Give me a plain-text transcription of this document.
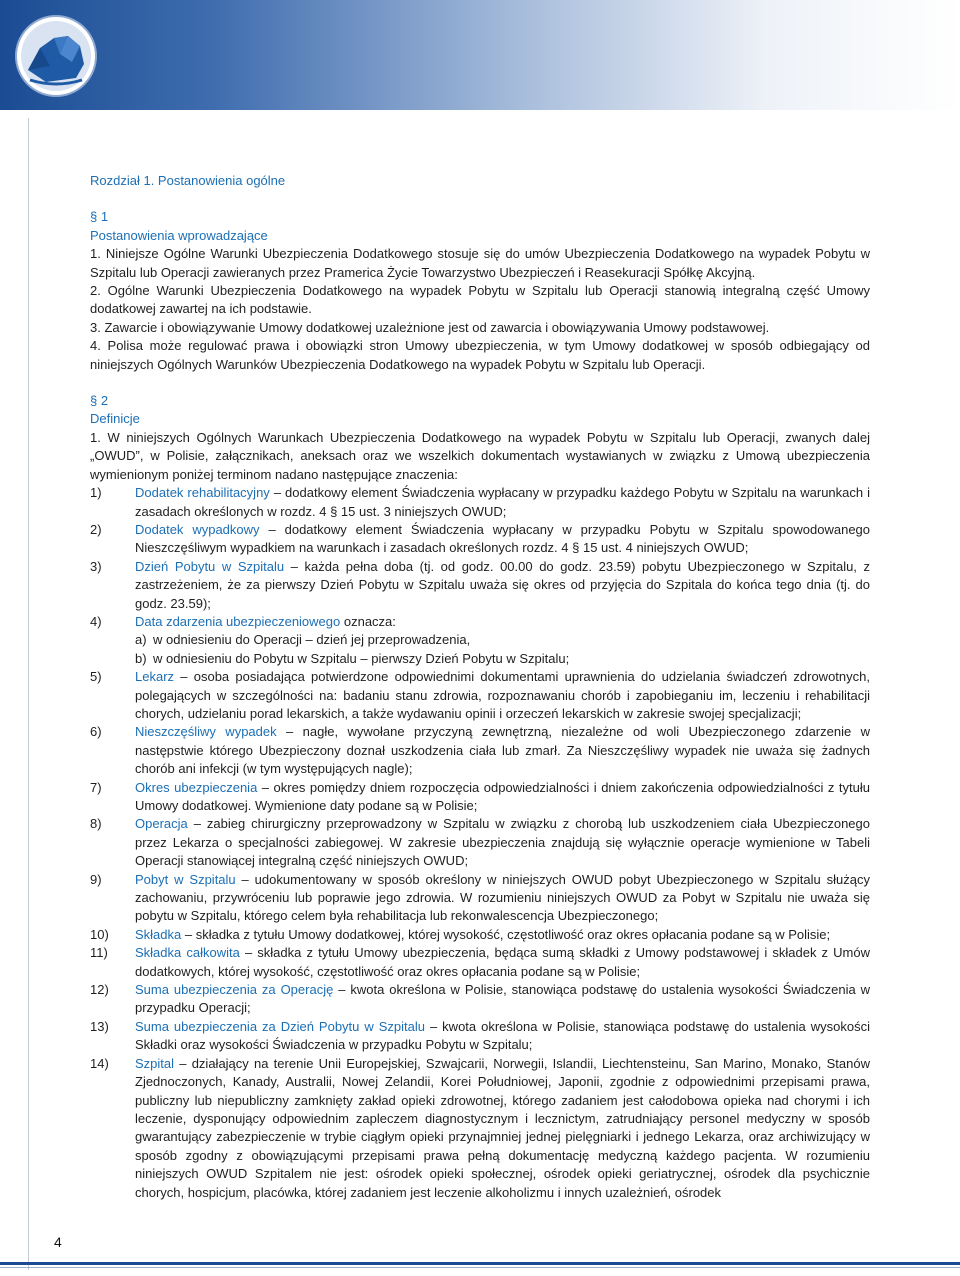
Rozdział 1. Postanowienia ogólne

§ 1

Postanowienia wprowadzające

1. Niniejsze Ogólne Warunki Ubezpieczenia Dodatkowego stosuje się do umów Ubezpieczenia Dodatkowego na wypadek Pobytu w Szpitalu lub Operacji zawieranych przez Pramerica Życie Towarzystwo Ubezpieczeń i Reasekuracji Spółkę Akcyjną.

2. Ogólne Warunki Ubezpieczenia Dodatkowego na wypadek Pobytu w Szpitalu lub Operacji stanowią integralną część Umowy dodatkowej zawartej na ich podstawie.

3. Zawarcie i obowiązywanie Umowy dodatkowej uzależnione jest od zawarcia i obowiązywania Umowy podstawowej.

4. Polisa może regulować prawa i obowiązki stron Umowy ubezpieczenia, w tym Umowy dodatkowej w sposób odbiegający od niniejszych Ogólnych Warunków Ubezpieczenia Dodatkowego na wypadek Pobytu w Szpitalu lub Operacji.

§ 2

Definicje

1. W niniejszych Ogólnych Warunkach Ubezpieczenia Dodatkowego na wypadek Pobytu w Szpitalu lub Operacji, zwanych dalej „OWUD”, w Polisie, załącznikach, aneksach oraz we wszelkich dokumentach wystawianych w związku z Umową ubezpieczenia wymienionym poniżej terminom nadano następujące znaczenia:

1)	Dodatek rehabilitacyjny – dodatkowy element Świadczenia wypłacany w przypadku każdego Pobytu w Szpitalu na warunkach i zasadach określonych w rozdz. 4 § 15 ust. 3 niniejszych OWUD;
2)	Dodatek wypadkowy – dodatkowy element Świadczenia wypłacany w przypadku Pobytu w Szpitalu spowodowanego Nieszczęśliwym wypadkiem na warunkach i zasadach określonych rozdz. 4 § 15 ust. 4 niniejszych OWUD;
3)	Dzień Pobytu w Szpitalu – każda pełna doba (tj. od godz. 00.00 do godz. 23.59) pobytu Ubezpieczonego w Szpitalu, z zastrzeżeniem, że za pierwszy Dzień Pobytu w Szpitalu uważa się okres od przyjęcia do Szpitala do końca tego dnia (tj. do godz. 23.59);
4)	Data zdarzenia ubezpieczeniowego oznacza:
a) w odniesieniu do Operacji – dzień jej przeprowadzenia,
b) w odniesieniu do Pobytu w Szpitalu – pierwszy Dzień Pobytu w Szpitalu;
5)	Lekarz – osoba posiadająca potwierdzone odpowiednimi dokumentami uprawnienia do udzielania świadczeń zdrowotnych, polegających w szczególności na: badaniu stanu zdrowia, rozpoznawaniu chorób i zapobieganiu im, leczeniu i rehabilitacji chorych, udzielaniu porad lekarskich, a także wydawaniu opinii i orzeczeń lekarskich w zakresie swojej specjalizacji;
6)	Nieszczęśliwy wypadek – nagłe, wywołane przyczyną zewnętrzną, niezależne od woli Ubezpieczonego zdarzenie w następstwie którego Ubezpieczony doznał uszkodzenia ciała lub zmarł. Za Nieszczęśliwy wypadek nie uważa się żadnych chorób ani infekcji (w tym występujących nagle);
7)	Okres ubezpieczenia – okres pomiędzy dniem rozpoczęcia odpowiedzialności i dniem zakończenia odpowiedzialności z tytułu Umowy dodatkowej. Wymienione daty podane są w Polisie;
8)	Operacja – zabieg chirurgiczny przeprowadzony w Szpitalu w związku z chorobą lub uszkodzeniem ciała Ubezpieczonego przez Lekarza o specjalności zabiegowej. W zakresie ubezpieczenia znajdują się wyłącznie operacje wymienione w Tabeli Operacji stanowiącej integralną część niniejszych OWUD;
9)	Pobyt w Szpitalu – udokumentowany w sposób określony w niniejszych OWUD pobyt Ubezpieczonego w Szpitalu służący zachowaniu, przywróceniu lub poprawie jego zdrowia. W rozumieniu niniejszych OWUD za Pobyt w Szpitalu nie uważa się pobytu w Szpitalu, którego celem była rehabilitacja lub rekonwalescencja Ubezpieczonego;
10)	Składka – składka z tytułu Umowy dodatkowej, której wysokość, częstotliwość oraz okres opłacania podane są w Polisie;
11)	Składka całkowita – składka z tytułu Umowy ubezpieczenia, będąca sumą składki z Umowy podstawowej i składek z Umów dodatkowych, której wysokość, częstotliwość oraz okres opłacania podane są w Polisie;
12)	Suma ubezpieczenia za Operację – kwota określona w Polisie, stanowiąca podstawę do ustalenia wysokości Świadczenia w przypadku Operacji;
13)	Suma ubezpieczenia za Dzień Pobytu w Szpitalu – kwota określona w Polisie, stanowiąca podstawę do ustalenia wysokości Składki oraz wysokości Świadczenia w przypadku Pobytu w Szpitalu;
14)	Szpital – działający na terenie Unii Europejskiej, Szwajcarii, Norwegii, Islandii, Liechtensteinu, San Marino, Monako, Stanów Zjednoczonych, Kanady, Australii, Nowej Zelandii, Korei Południowej, Japonii, zgodnie z odpowiednimi przepisami prawa, publiczny lub niepubliczny zamknięty zakład opieki zdrowotnej, którego zadaniem jest całodobowa opieka nad chorymi i ich leczenie, dysponujący odpowiednim zapleczem diagnostycznym i lecznictym, zatrudniający personel medyczny w sposób gwarantujący zabezpieczenie w trybie ciągłym opieki przynajmniej jednej pielęgniarki i jednego Lekarza, oraz archiwizujący w sposób zgodny z obowiązującymi przepisami prawa pełną dokumentację medyczną każdego pacjenta. W rozumieniu niniejszych OWUD Szpitalem nie jest: ośrodek opieki społecznej, ośrodek opieki geriatrycznej, ośrodek dla psychicznie chorych, hospicjum, placówka, której zadaniem jest leczenie alkoholizmu i innych uzależnień, ośrodek
4
